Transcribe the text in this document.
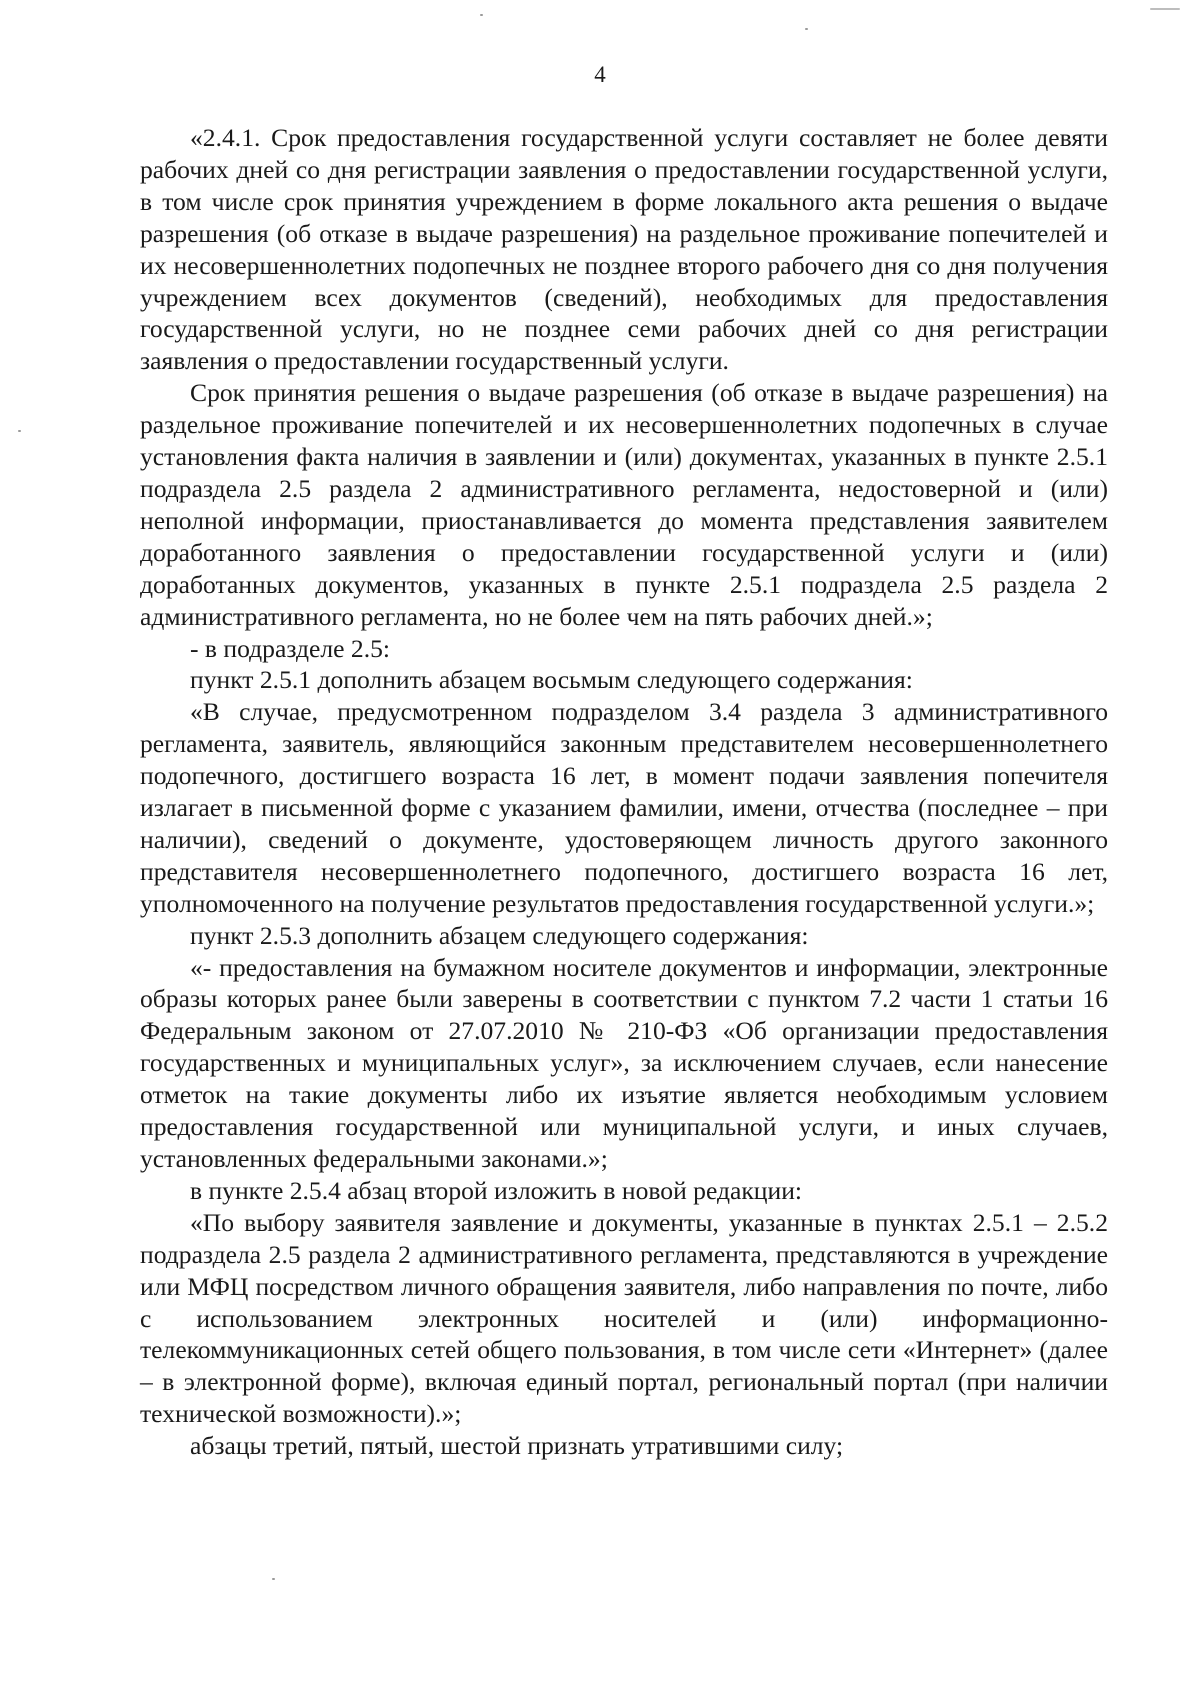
4

«2.4.1. Срок предоставления государственной услуги составляет не более девяти рабочих дней со дня регистрации заявления о предоставлении государственной услуги, в том числе срок принятия учреждением в форме локального акта решения о выдаче разрешения (об отказе в выдаче разрешения) на раздельное проживание попечителей и их несовершеннолетних подопечных не позднее второго рабочего дня со дня получения учреждением всех документов (сведений), необходимых для предоставления государственной услуги, но не позднее семи рабочих дней со дня регистрации заявления о предоставлении государственный услуги.

Срок принятия решения о выдаче разрешения (об отказе в выдаче разрешения) на раздельное проживание попечителей и их несовершеннолетних подопечных в случае установления факта наличия в заявлении и (или) документах, указанных в пункте 2.5.1 подраздела 2.5 раздела 2 административного регламента, недостоверной и (или) неполной информации, приостанавливается до момента представления заявителем доработанного заявления о предоставлении государственной услуги и (или) доработанных документов, указанных в пункте 2.5.1 подраздела 2.5 раздела 2 административного регламента, но не более чем на пять рабочих дней.»;

- в подразделе 2.5:

пункт 2.5.1 дополнить абзацем восьмым следующего содержания:

«В случае, предусмотренном подразделом 3.4 раздела 3 административного регламента, заявитель, являющийся законным представителем несовершеннолетнего подопечного, достигшего возраста 16 лет, в момент подачи заявления попечителя излагает в письменной форме с указанием фамилии, имени, отчества (последнее – при наличии), сведений о документе, удостоверяющем личность другого законного представителя несовершеннолетнего подопечного, достигшего возраста 16 лет, уполномоченного на получение результатов предоставления государственной услуги.»;

пункт 2.5.3 дополнить абзацем следующего содержания:

«- предоставления на бумажном носителе документов и информации, электронные образы которых ранее были заверены в соответствии с пунктом 7.2 части 1 статьи 16 Федеральным законом от 27.07.2010 № 210-ФЗ «Об организации предоставления государственных и муниципальных услуг», за исключением случаев, если нанесение отметок на такие документы либо их изъятие является необходимым условием предоставления государственной или муниципальной услуги, и иных случаев, установленных федеральными законами.»;

в пункте 2.5.4 абзац второй изложить в новой редакции:

«По выбору заявителя заявление и документы, указанные в пунктах 2.5.1 – 2.5.2 подраздела 2.5 раздела 2 административного регламента, представляются в учреждение или МФЦ посредством личного обращения заявителя, либо направления по почте, либо с использованием электронных носителей и (или) информационно-телекоммуникационных сетей общего пользования, в том числе сети «Интернет» (далее – в электронной форме), включая единый портал, региональный портал (при наличии технической возможности).»;

абзацы третий, пятый, шестой признать утратившими силу;
